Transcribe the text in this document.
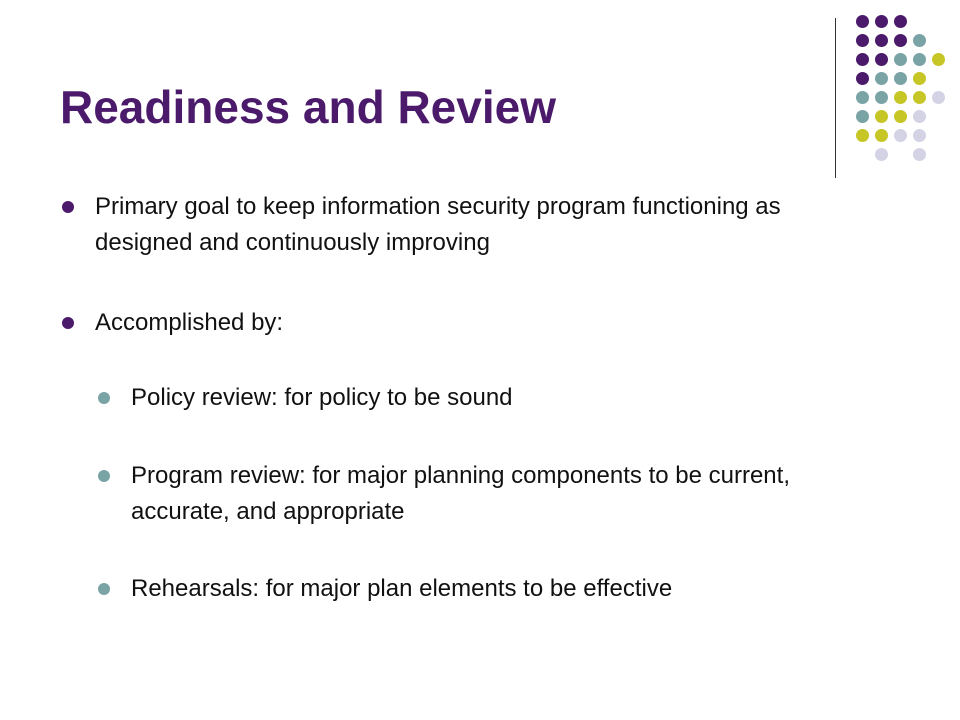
Readiness and Review
Primary goal to keep information security program functioning as designed and continuously improving
Accomplished by:
Policy review: for policy to be sound
Program review: for major planning components to be current, accurate, and appropriate
Rehearsals: for major plan elements to be effective
